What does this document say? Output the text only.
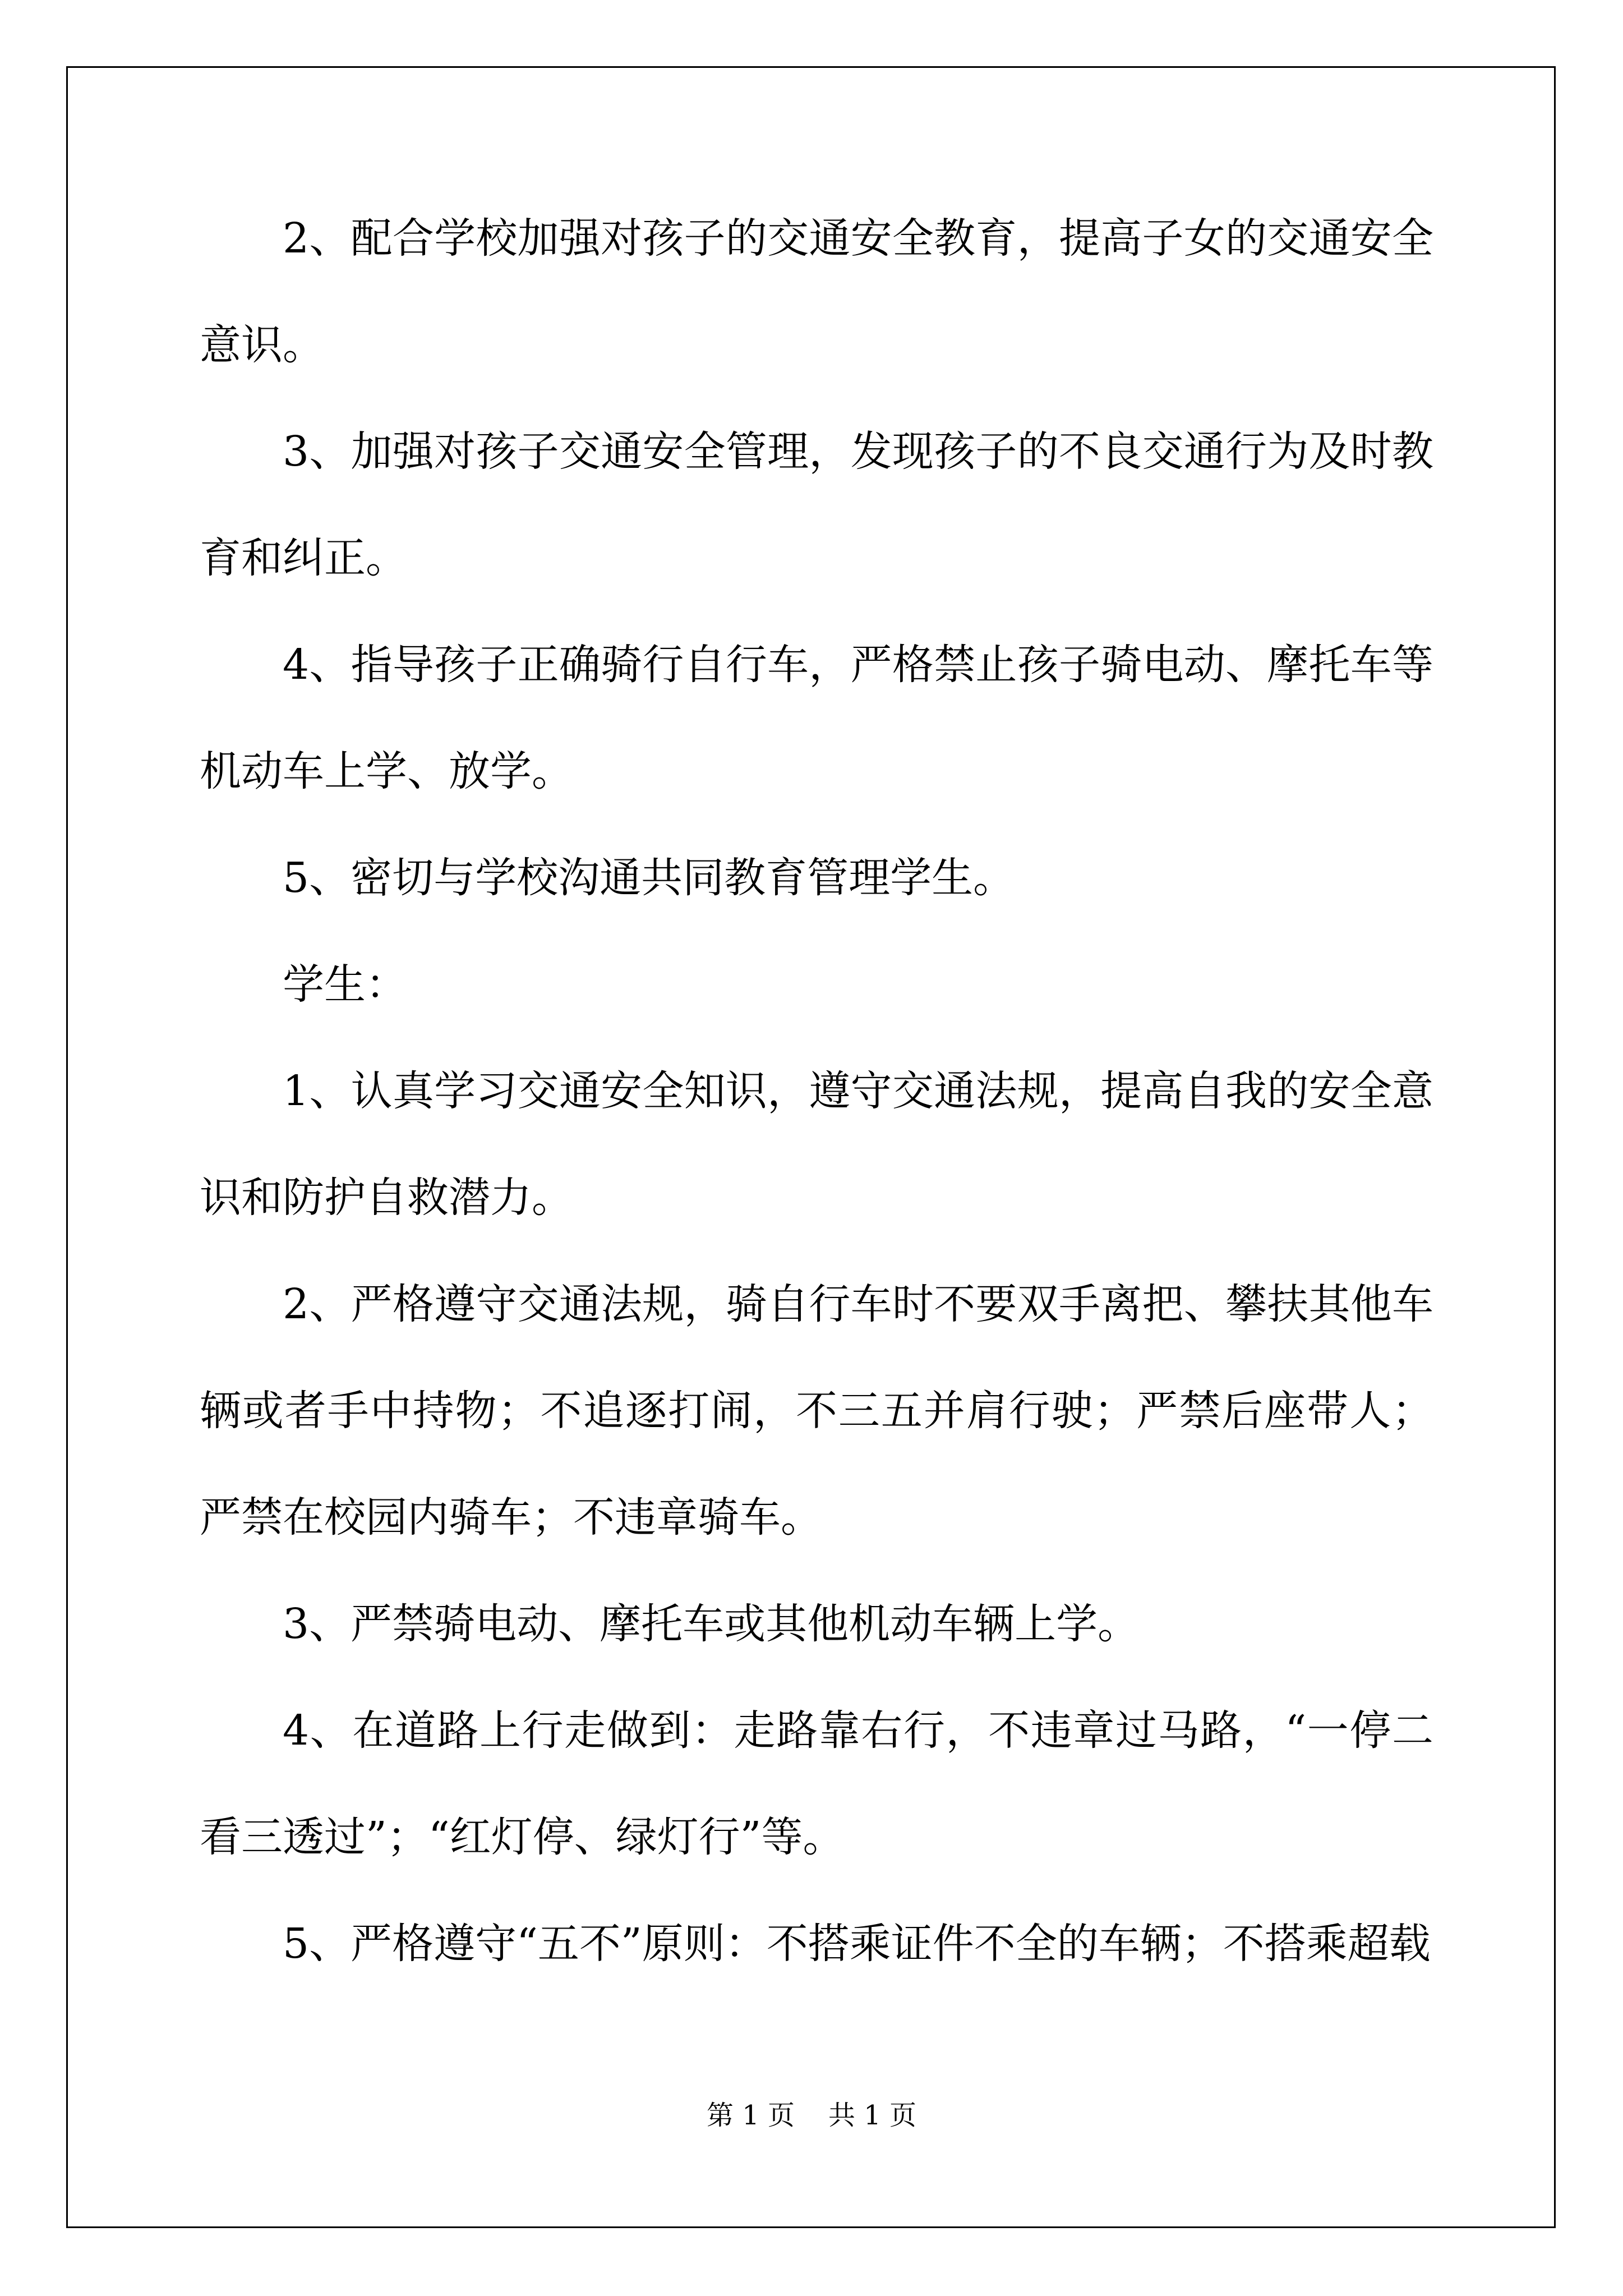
2、配合学校加强对孩子的交通安全教育，提高子女的交通安全意识。

3、加强对孩子交通安全管理，发现孩子的不良交通行为及时教育和纠正。

4、指导孩子正确骑行自行车，严格禁止孩子骑电动、摩托车等机动车上学、放学。

5、密切与学校沟通共同教育管理学生。

学生：

1、认真学习交通安全知识，遵守交通法规，提高自我的安全意识和防护自救潜力。

2、严格遵守交通法规，骑自行车时不要双手离把、攀扶其他车辆或者手中持物；不追逐打闹，不三五并肩行驶；严禁后座带人；严禁在校园内骑车；不违章骑车。

3、严禁骑电动、摩托车或其他机动车辆上学。

4、在道路上行走做到：走路靠右行，不违章过马路，“一停二看三透过”；“红灯停、绿灯行”等。

5、严格遵守“五不”原则：不搭乘证件不全的车辆；不搭乘超载

第 1 页 共 1 页
